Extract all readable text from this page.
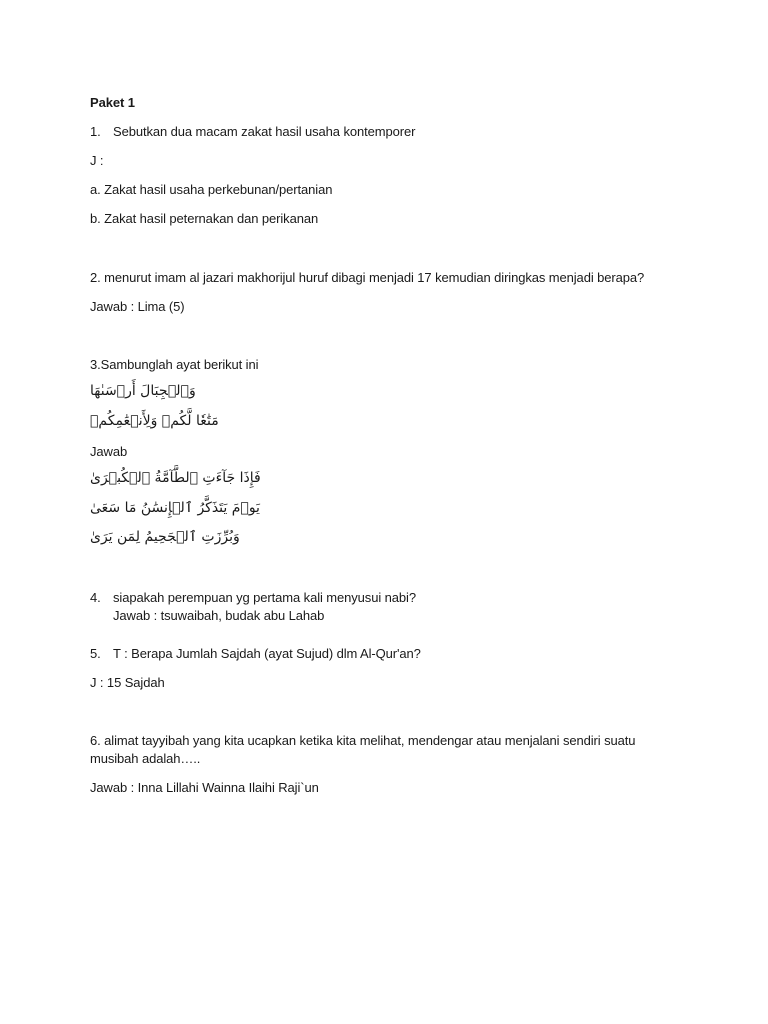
Paket 1
1. Sebutkan dua macam zakat hasil usaha kontemporer
J :
a. Zakat hasil usaha perkebunan/pertanian
b. Zakat hasil peternakan dan perikanan
2. menurut imam al jazari makhorijul huruf dibagi menjadi 17 kemudian diringkas menjadi berapa?
Jawab : Lima (5)
3.Sambunglah ayat berikut ini
وَٱلۡجِبَالَ أَرۡسَىٰهَا
مَتَٰعٗا لَّكُمۡ وَلِأَنۡعَٰمِكُمۡ
Jawab
فَإِذَا جَآءَتِ ٱلطَّآمَّةُ ٱلۡكُبۡرَىٰ
يَوۡمَ يَتَذَكَّرُ ٱلۡإِنسَٰنُ مَا سَعَىٰ
وَبُرِّزَتِ ٱلۡجَحِيمُ لِمَن يَرَىٰ
4. siapakah perempuan yg pertama kali menyusui nabi?
Jawab : tsuwaibah, budak abu Lahab
5. T : Berapa Jumlah Sajdah (ayat Sujud) dlm Al-Qur'an?
J : 15 Sajdah
6. alimat tayyibah yang kita ucapkan ketika kita melihat, mendengar atau menjalani sendiri suatu
musibah adalah…..
Jawab : Inna Lillahi Wainna Ilaihi Raji`un
